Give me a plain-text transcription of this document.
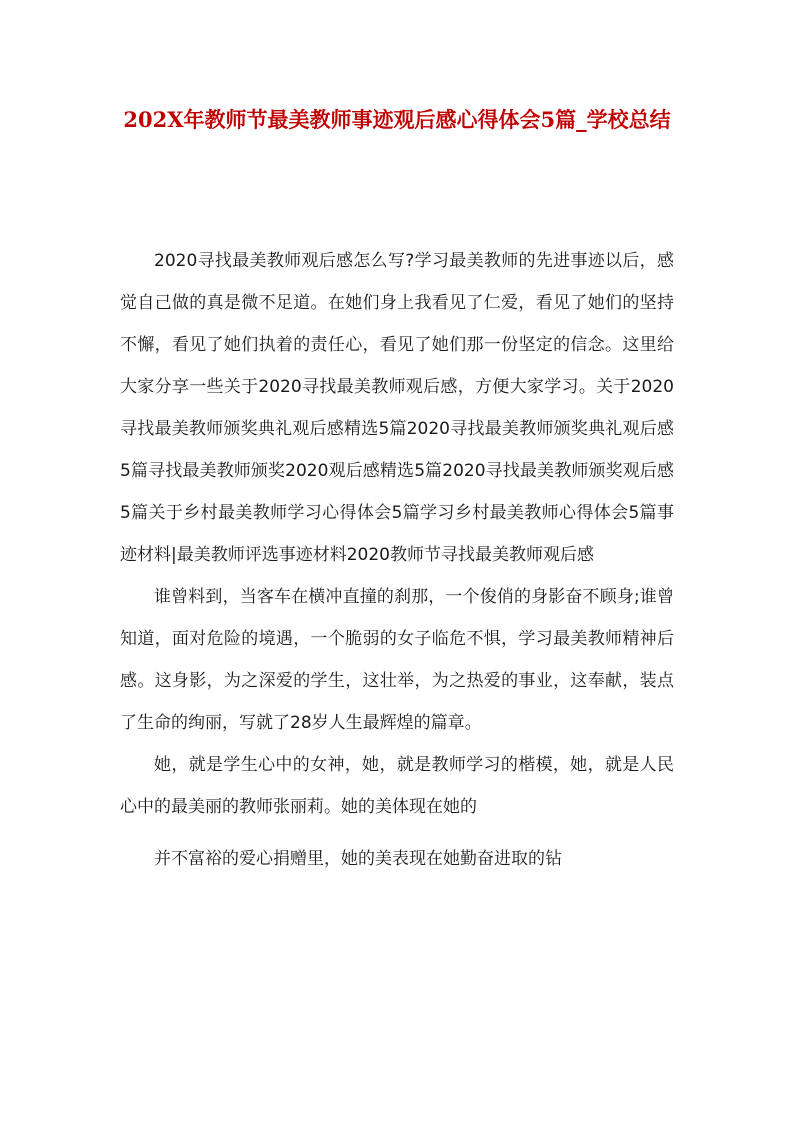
202X年教师节最美教师事迹观后感心得体会5篇_学校总结

2020寻找最美教师观后感怎么写?学习最美教师的先进事迹以后，感觉自己做的真是微不足道。在她们身上我看见了仁爱，看见了她们的坚持不懈，看见了她们执着的责任心，看见了她们那一份坚定的信念。这里给大家分享一些关于2020寻找最美教师观后感，方便大家学习。关于2020寻找最美教师颁奖典礼观后感精选5篇2020寻找最美教师颁奖典礼观后感5篇寻找最美教师颁奖2020观后感精选5篇2020寻找最美教师颁奖观后感5篇关于乡村最美教师学习心得体会5篇学习乡村最美教师心得体会5篇事迹材料|最美教师评选事迹材料2020教师节寻找最美教师观后感

谁曾料到，当客车在横冲直撞的刹那，一个俊俏的身影奋不顾身;谁曾知道，面对危险的境遇，一个脆弱的女子临危不惧，学习最美教师精神后感。这身影，为之深爱的学生，这壮举，为之热爱的事业，这奉献，装点了生命的绚丽，写就了28岁人生最辉煌的篇章。

她，就是学生心中的女神，她，就是教师学习的楷模，她，就是人民心中的最美丽的教师张丽莉。她的美体现在她的

并不富裕的爱心捐赠里，她的美表现在她勤奋进取的钻
